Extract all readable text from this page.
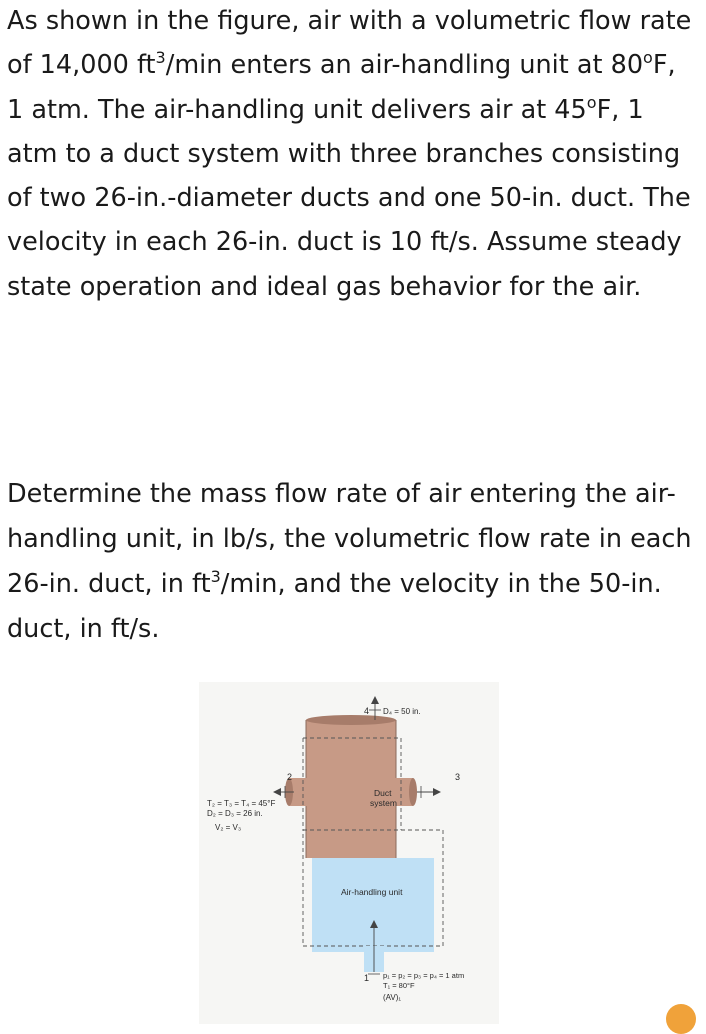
As shown in the figure, air with a volumetric flow rate of 14,000 $ft^3/\min$ enters an air-handling unit at 80$^o$F, 1 atm. The air-handling unit delivers air at 45$^o$F, 1 atm to a duct system with three branches consisting of two 26-in.-diameter ducts and one 50-in. duct. The velocity in each 26-in. duct is 10 ft/s. Assume steady state operation and ideal gas behavior for the air.

Determine the mass flow rate of air entering the air-handling unit, in lb/s, the volumetric flow rate in each 26-in. duct, in $ft^3/\min$, and the velocity in the 50-in. duct, in ft/s.

4 D₄ = 50 in.
2	3
1
Duct
system
T₂ = T₃ = T₄ = 45°F
D₂ = D₃ = 26 in.
V₂ = V₃
Air-handling unit
p₁ = p₂ = p₃ = p₄ = 1 atm
T₁ = 80°F
(AV)₁
